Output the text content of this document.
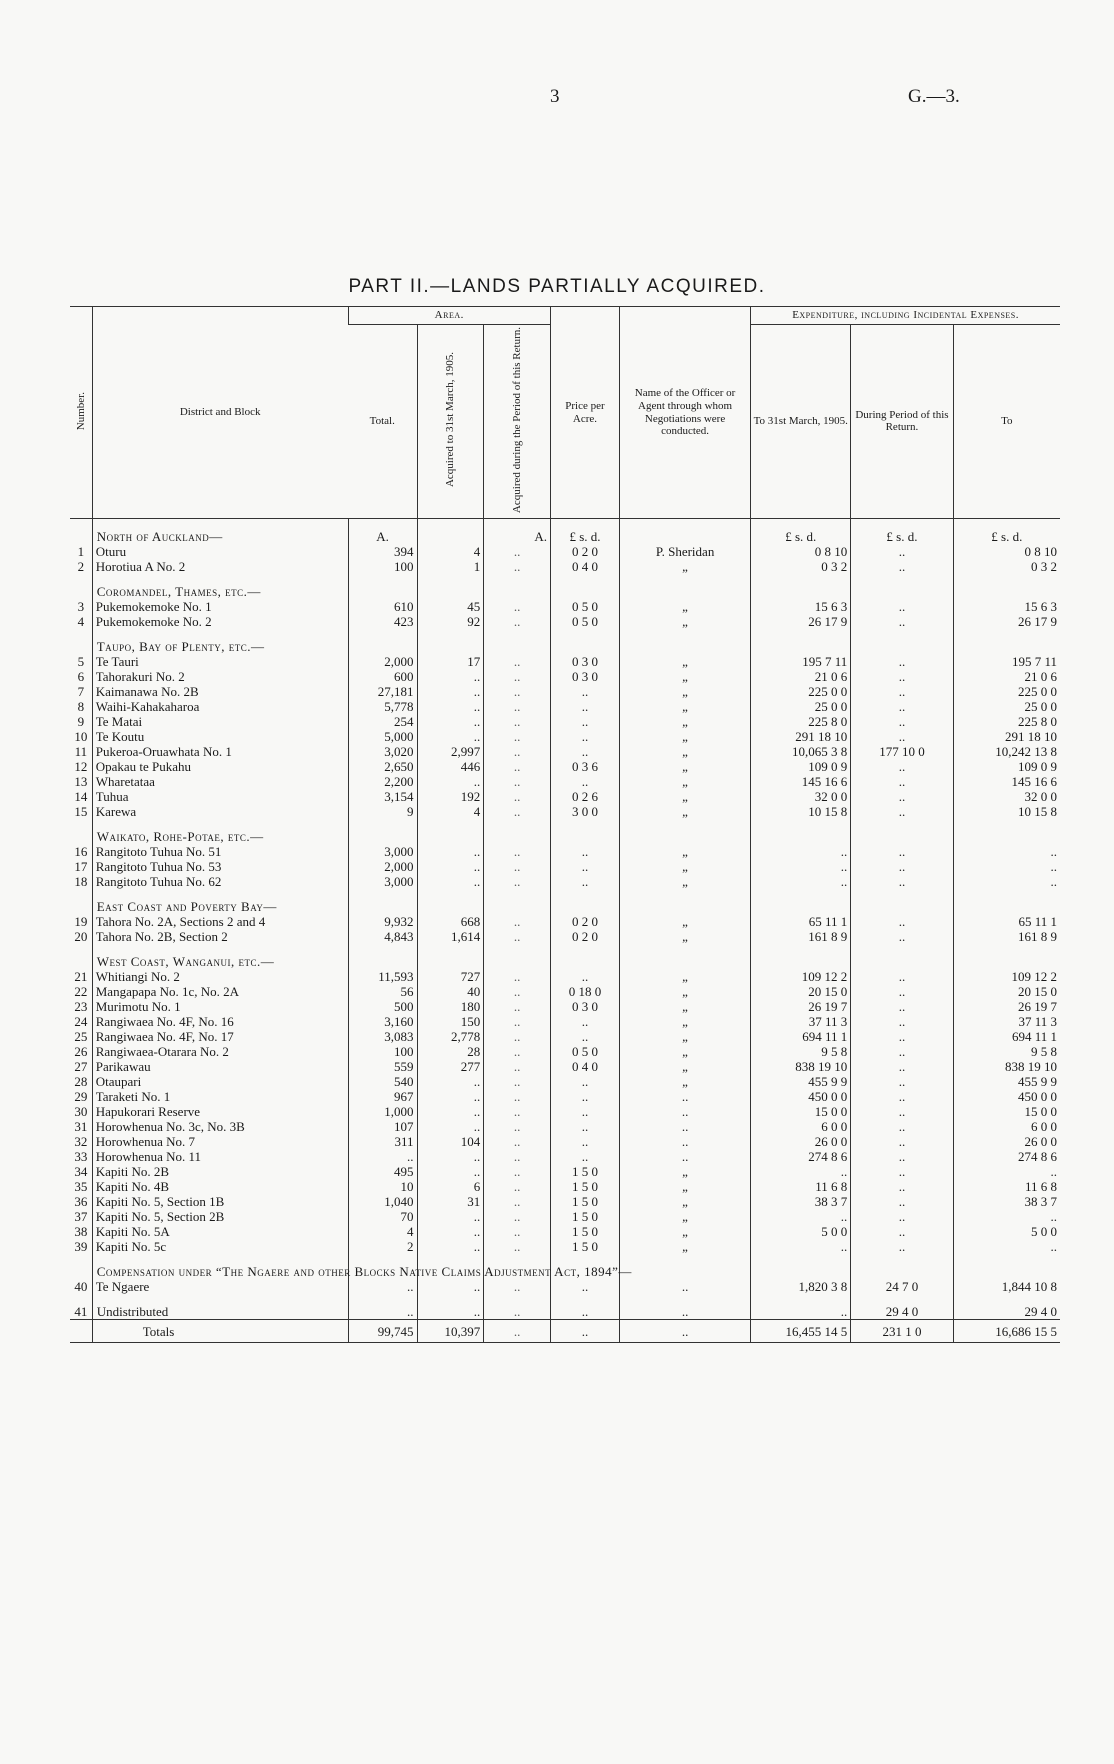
3	G.—3.
PART II.—LANDS PARTIALLY ACQUIRED.
Number.	District and Block	Area.			Price per Acre.	Name of the Officer or Agent through whom Negotiations were conducted.	Expenditure, including Incidental Expenses.		
		Total.	Acquired to 31st March, 1905.	Acquired during the Period of this Return.			To 31st March, 1905.	During Period of this Return.	To
	North of Auckland—	A.		A.	£ s. d.		£ s. d.	£ s. d.	£ s. d.
1	Oturu	394	4	..	0 2 0	P. Sheridan	0 8 10	..	0 8 10
2	Horotiua A No. 2	100	1	..	0 4 0	„	0 3 2	..	0 3 2
	Coromandel, Thames, etc.—								
3	Pukemokemoke No. 1	610	45	..	0 5 0	„	15 6 3	..	15 6 3
4	Pukemokemoke No. 2	423	92	..	0 5 0	„	26 17 9	..	26 17 9
	Taupo, Bay of Plenty, etc.—								
5	Te Tauri	2,000	17	..	0 3 0	„	195 7 11	..	195 7 11
6	Tahorakuri No. 2	600	..	..	0 3 0	„	21 0 6	..	21 0 6
7	Kaimanawa No. 2B	27,181	..	..	..	„	225 0 0	..	225 0 0
8	Waihi-Kahakaharoa	5,778	..	..	..	„	25 0 0	..	25 0 0
9	Te Matai	254	..	..	..	„	225 8 0	..	225 8 0
10	Te Koutu	5,000	..	..	..	„	291 18 10	..	291 18 10
11	Pukeroa-Oruawhata No. 1	3,020	2,997	..	..	„	10,065 3 8	177 10 0	10,242 13 8
12	Opakau te Pukahu	2,650	446	..	0 3 6	„	109 0 9	..	109 0 9
13	Wharetataa	2,200	..	..	..	„	145 16 6	..	145 16 6
14	Tuhua	3,154	192	..	0 2 6	„	32 0 0	..	32 0 0
15	Karewa	9	4	..	3 0 0	„	10 15 8	..	10 15 8
	Waikato, Rohe-Potae, etc.—								
16	Rangitoto Tuhua No. 51	3,000	..	..	..	„	..	..	..
17	Rangitoto Tuhua No. 53	2,000	..	..	..	„	..	..	..
18	Rangitoto Tuhua No. 62	3,000	..	..	..	„	..	..	..
	East Coast and Poverty Bay—								
19	Tahora No. 2A, Sections 2 and 4	9,932	668	..	0 2 0	„	65 11 1	..	65 11 1
20	Tahora No. 2B, Section 2	4,843	1,614	..	0 2 0	„	161 8 9	..	161 8 9
	West Coast, Wanganui, etc.—								
21	Whitiangi No. 2	11,593	727	..	..	„	109 12 2	..	109 12 2
22	Mangapapa No. 1c, No. 2A	56	40	..	0 18 0	„	20 15 0	..	20 15 0
23	Murimotu No. 1	500	180	..	0 3 0	„	26 19 7	..	26 19 7
24	Rangiwaea No. 4F, No. 16	3,160	150	..	..	„	37 11 3	..	37 11 3
25	Rangiwaea No. 4F, No. 17	3,083	2,778	..	..	„	694 11 1	..	694 11 1
26	Rangiwaea-Otarara No. 2	100	28	..	0 5 0	„	9 5 8	..	9 5 8
27	Parikawau	559	277	..	0 4 0	„	838 19 10	..	838 19 10
28	Otaupari	540	..	..	..	„	455 9 9	..	455 9 9
29	Taraketi No. 1	967	..	..	..	..	450 0 0	..	450 0 0
30	Hapukorari Reserve	1,000	..	..	..	..	15 0 0	..	15 0 0
31	Horowhenua No. 3c, No. 3B	107	..	..	..	..	6 0 0	..	6 0 0
32	Horowhenua No. 7	311	104	..	..	..	26 0 0	..	26 0 0
33	Horowhenua No. 11	..	..	..	..	..	274 8 6	..	274 8 6
34	Kapiti No. 2B	495	..	..	1 5 0	„	..	..	..
35	Kapiti No. 4B	10	6	..	1 5 0	„	11 6 8	..	11 6 8
36	Kapiti No. 5, Section 1B	1,040	31	..	1 5 0	„	38 3 7	..	38 3 7
37	Kapiti No. 5, Section 2B	70	..	..	1 5 0	„	..	..	..
38	Kapiti No. 5A	4	..	..	1 5 0	„	5 0 0	..	5 0 0
39	Kapiti No. 5c	2	..	..	1 5 0	„	..	..	..
	Compensation under “The Ngaere and other Blocks Native Claims Adjustment Act, 1894”—								
40	Te Ngaere	..	..	..	..	..	1,820 3 8	24 7 0	1,844 10 8
41	Undistributed	..	..	..	..	..	..	29 4 0	29 4 0
	Totals	99,745	10,397	..	..	..	16,455 14 5	231 1 0	16,686 15 5
